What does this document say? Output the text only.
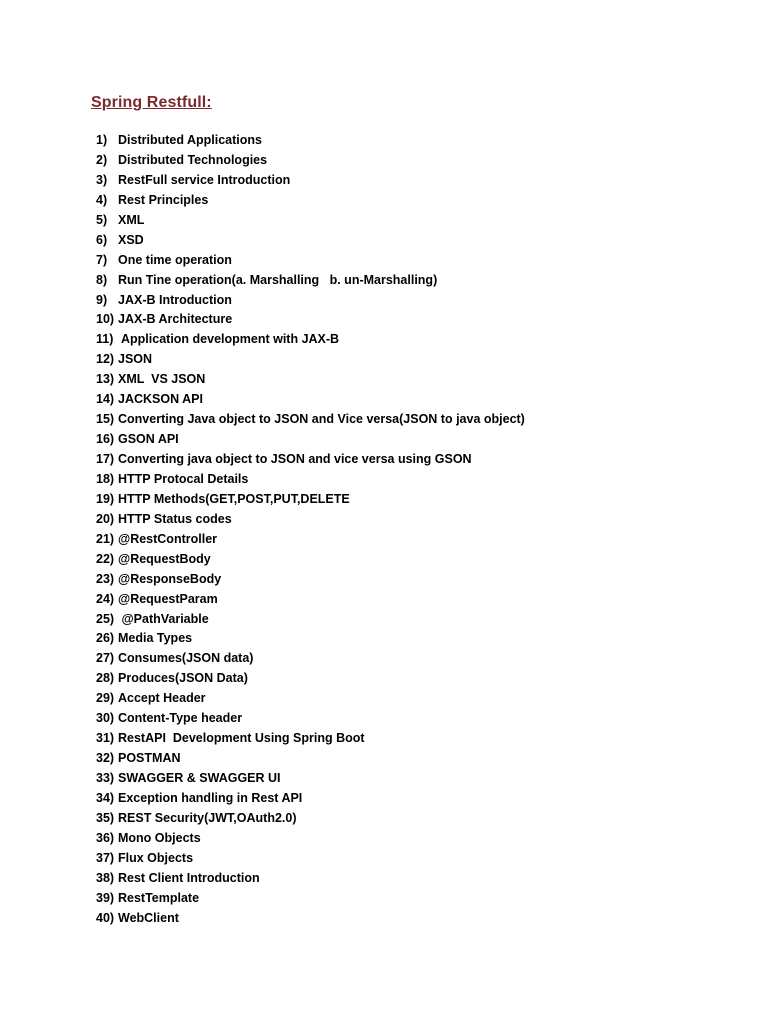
Spring Restfull:
1) Distributed Applications
2) Distributed Technologies
3) RestFull service Introduction
4) Rest Principles
5) XML
6) XSD
7) One time operation
8) Run Tine operation(a. Marshalling   b. un-Marshalling)
9) JAX-B Introduction
10) JAX-B Architecture
11) Application development with JAX-B
12) JSON
13) XML  VS JSON
14) JACKSON API
15) Converting Java object to JSON and Vice versa(JSON to java object)
16) GSON API
17) Converting java object to JSON and vice versa using GSON
18) HTTP Protocal Details
19) HTTP Methods(GET,POST,PUT,DELETE
20) HTTP Status codes
21) @RestController
22) @RequestBody
23) @ResponseBody
24) @RequestParam
25) @PathVariable
26) Media Types
27) Consumes(JSON data)
28) Produces(JSON Data)
29) Accept Header
30) Content-Type header
31) RestAPI  Development Using Spring Boot
32) POSTMAN
33) SWAGGER & SWAGGER UI
34) Exception handling in Rest API
35) REST Security(JWT,OAuth2.0)
36) Mono Objects
37) Flux Objects
38) Rest Client Introduction
39) RestTemplate
40) WebClient
